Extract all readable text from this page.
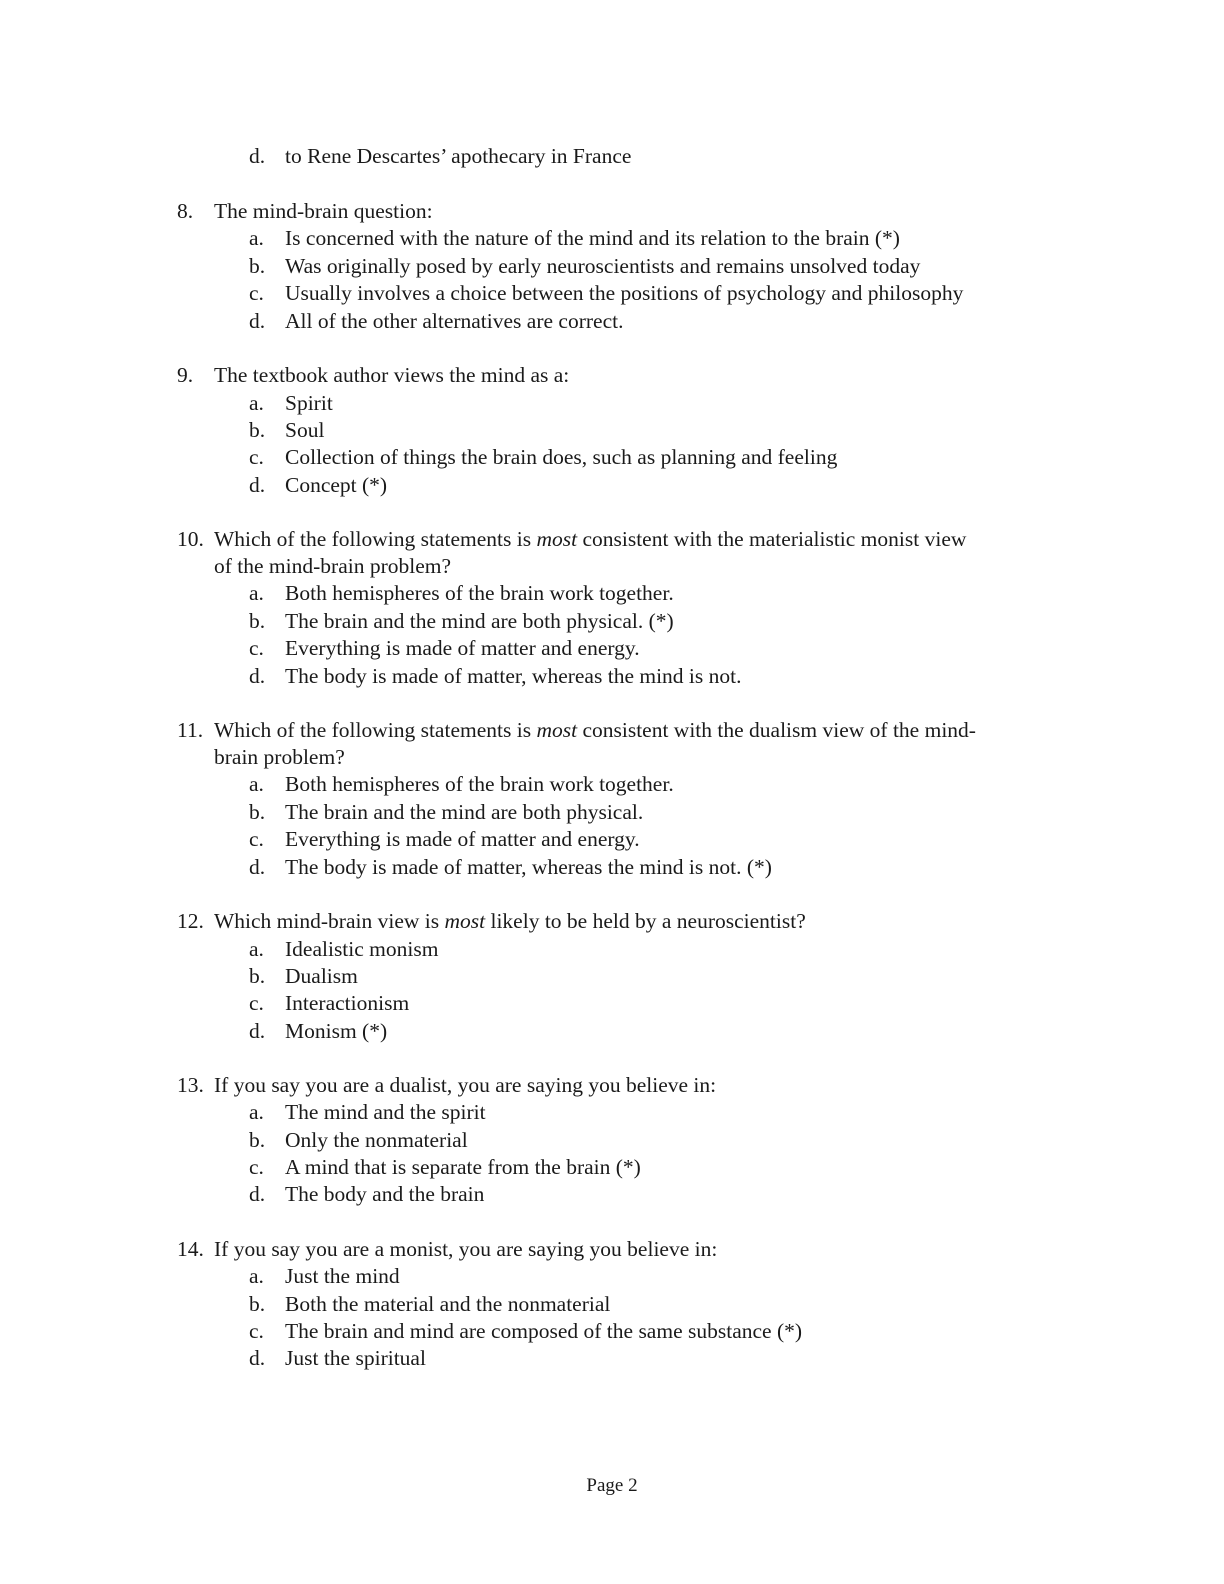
d. to Rene Descartes’ apothecary in France
8. The mind-brain question:
a. Is concerned with the nature of the mind and its relation to the brain (*)
b. Was originally posed by early neuroscientists and remains unsolved today
c. Usually involves a choice between the positions of psychology and philosophy
d. All of the other alternatives are correct.
9. The textbook author views the mind as a:
a. Spirit
b. Soul
c. Collection of things the brain does, such as planning and feeling
d. Concept (*)
10. Which of the following statements is most consistent with the materialistic monist view
of the mind-brain problem?
a. Both hemispheres of the brain work together.
b. The brain and the mind are both physical. (*)
c. Everything is made of matter and energy.
d. The body is made of matter, whereas the mind is not.
11. Which of the following statements is most consistent with the dualism view of the mind-
brain problem?
a. Both hemispheres of the brain work together.
b. The brain and the mind are both physical.
c. Everything is made of matter and energy.
d. The body is made of matter, whereas the mind is not. (*)
12. Which mind-brain view is most likely to be held by a neuroscientist?
a. Idealistic monism
b. Dualism
c. Interactionism
d. Monism (*)
13. If you say you are a dualist, you are saying you believe in:
a. The mind and the spirit
b. Only the nonmaterial
c. A mind that is separate from the brain (*)
d. The body and the brain
14. If you say you are a monist, you are saying you believe in:
a. Just the mind
b. Both the material and the nonmaterial
c. The brain and mind are composed of the same substance (*)
d. Just the spiritual
Page 2
